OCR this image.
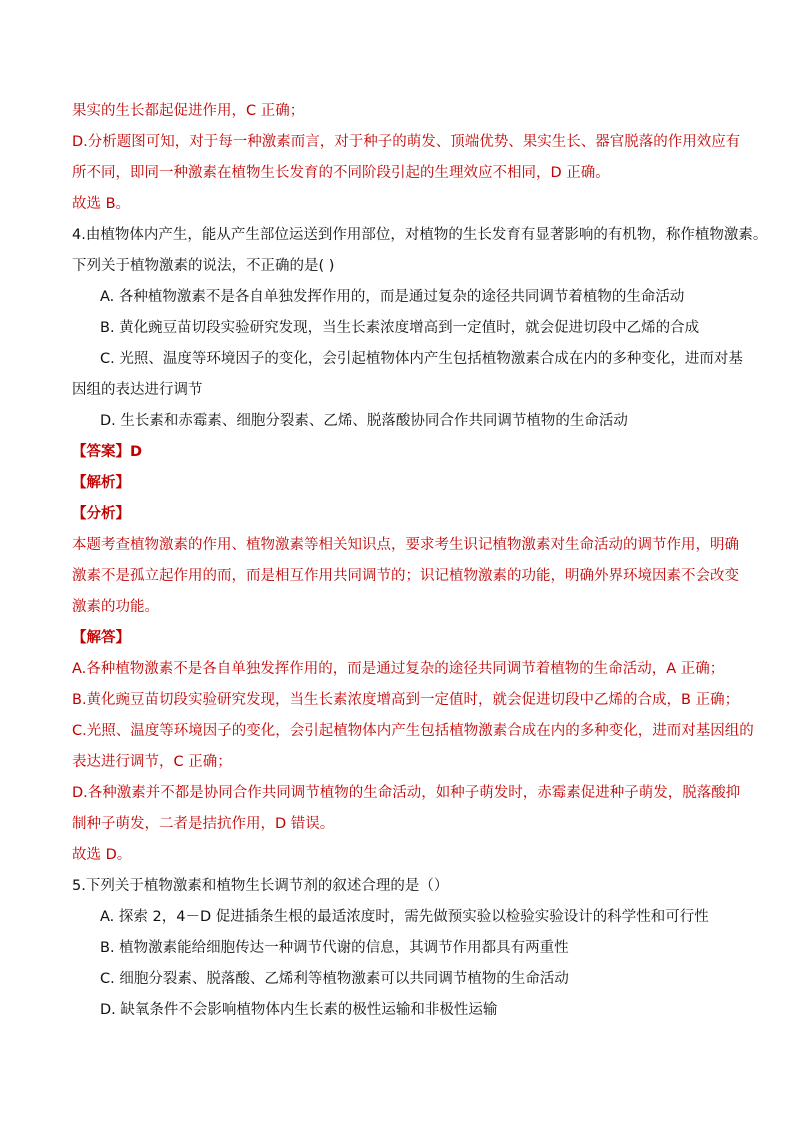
果实的生长都起促进作用，C 正确；
D.分析题图可知，对于每一种激素而言，对于种子的萌发、顶端优势、果实生长、器官脱落的作用效应有
所不同，即同一种激素在植物生长发育的不同阶段引起的生理效应不相同，D 正确。
故选 B。
4.由植物体内产生，能从产生部位运送到作用部位，对植物的生长发育有显著影响的有机物，称作植物激素。
下列关于植物激素的说法，不正确的是( )
A. 各种植物激素不是各自单独发挥作用的，而是通过复杂的途径共同调节着植物的生命活动
B. 黄化豌豆苗切段实验研究发现，当生长素浓度增高到一定值时，就会促进切段中乙烯的合成
C. 光照、温度等环境因子的变化，会引起植物体内产生包括植物激素合成在内的多种变化，进而对基
因组的表达进行调节
D. 生长素和赤霉素、细胞分裂素、乙烯、脱落酸协同合作共同调节植物的生命活动
【答案】D
【解析】
【分析】
本题考查植物激素的作用、植物激素等相关知识点，要求考生识记植物激素对生命活动的调节作用，明确
激素不是孤立起作用的而，而是相互作用共同调节的；识记植物激素的功能，明确外界环境因素不会改变
激素的功能。
【解答】
A.各种植物激素不是各自单独发挥作用的，而是通过复杂的途径共同调节着植物的生命活动，A 正确；
B.黄化豌豆苗切段实验研究发现，当生长素浓度增高到一定值时，就会促进切段中乙烯的合成，B 正确；
C.光照、温度等环境因子的变化，会引起植物体内产生包括植物激素合成在内的多种变化，进而对基因组的
表达进行调节，C 正确；
D.各种激素并不都是协同合作共同调节植物的生命活动，如种子萌发时，赤霉素促进种子萌发，脱落酸抑
制种子萌发，二者是拮抗作用，D 错误。
故选 D。
5.下列关于植物激素和植物生长调节剂的叙述合理的是（）
A. 探索 2，4－D 促进插条生根的最适浓度时，需先做预实验以检验实验设计的科学性和可行性
B. 植物激素能给细胞传达一种调节代谢的信息，其调节作用都具有两重性
C. 细胞分裂素、脱落酸、乙烯利等植物激素可以共同调节植物的生命活动
D. 缺氧条件不会影响植物体内生长素的极性运输和非极性运输
